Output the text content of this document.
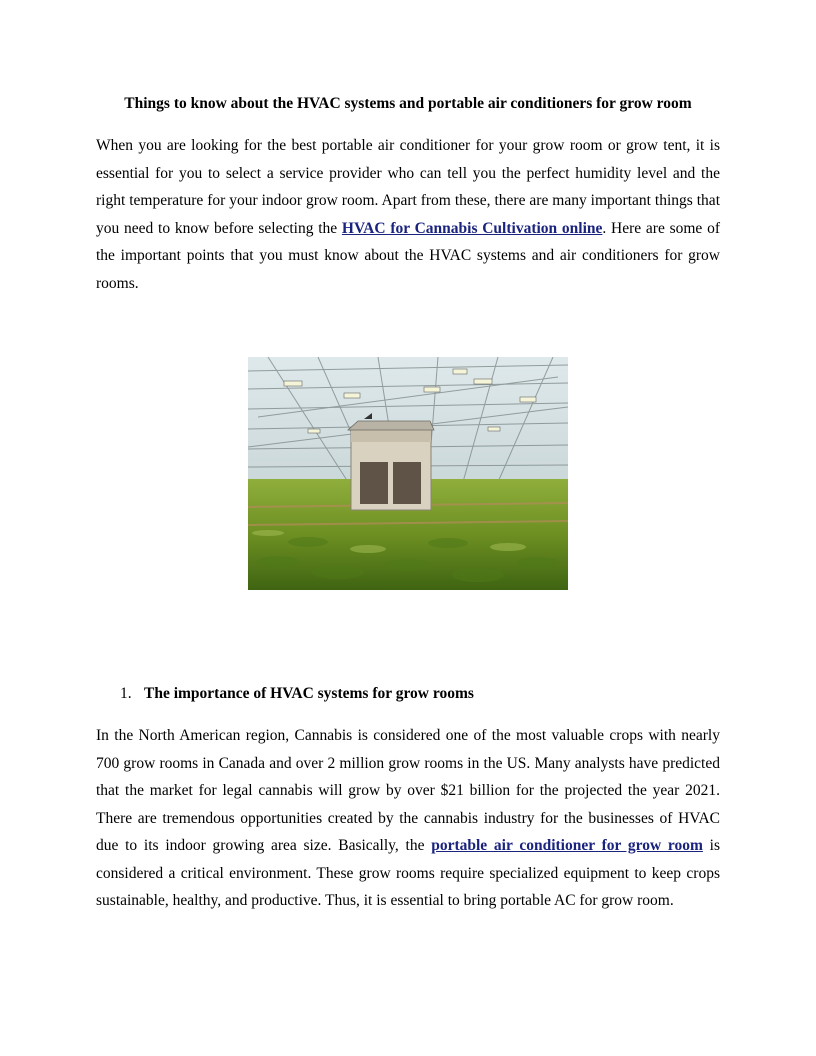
Things to know about the HVAC systems and portable air conditioners for grow room

When you are looking for the best portable air conditioner for your grow room or grow tent, it is essential for you to select a service provider who can tell you the perfect humidity level and the right temperature for your indoor grow room. Apart from these, there are many important things that you need to know before selecting the HVAC for Cannabis Cultivation online. Here are some of the important points that you must know about the HVAC systems and air conditioners for grow rooms.

1. The importance of HVAC systems for grow rooms

In the North American region, Cannabis is considered one of the most valuable crops with nearly 700 grow rooms in Canada and over 2 million grow rooms in the US. Many analysts have predicted that the market for legal cannabis will grow by over $21 billion for the projected the year 2021. There are tremendous opportunities created by the cannabis industry for the businesses of HVAC due to its indoor growing area size. Basically, the portable air conditioner for grow room is considered a critical environment. These grow rooms require specialized equipment to keep crops sustainable, healthy, and productive. Thus, it is essential to bring portable AC for grow room.
